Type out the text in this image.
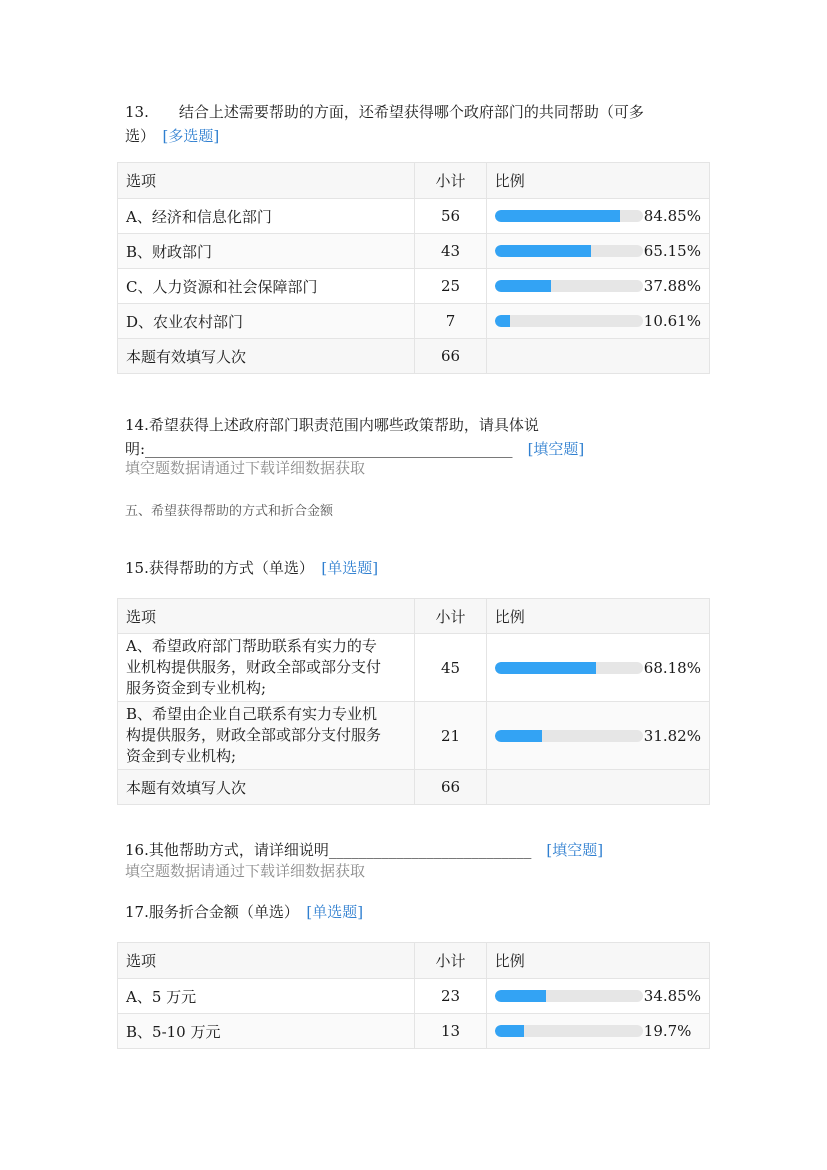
13.　　结合上述需要帮助的方面，还希望获得哪个政府部门的共同帮助（可多
选）　 [多选题]
选项	小计	比例
A、经济和信息化部门	56	84.85%

B、财政部门	43	65.15%

C、人力资源和社会保障部门	25	37.88%

D、农业农村部门	7	10.61%

本题有效填写人次	66	
14.希望获得上述政府部门职责范围内哪些政策帮助，请具体说
明:_________________________________________________　 [填空题]
填空题数据请通过下载详细数据获取
五、希望获得帮助的方式和折合金额
15.获得帮助的方式（单选）　 [单选题]
选项	小计	比例

A、希望政府部门帮助联系有实力的专
业机构提供服务，财政全部或部分支付
服务资金到专业机构;	45	68.18%

B、希望由企业自己联系有实力专业机
构提供服务，财政全部或部分支付服务
资金到专业机构;	21	31.82%

本题有效填写人次	66	
16.其他帮助方式，请详细说明___________________________　 [填空题]
填空题数据请通过下载详细数据获取
17.服务折合金额（单选）　 [单选题]
选项	小计	比例
A、5 万元	23	34.85%

B、5-10 万元	13	19.7%
